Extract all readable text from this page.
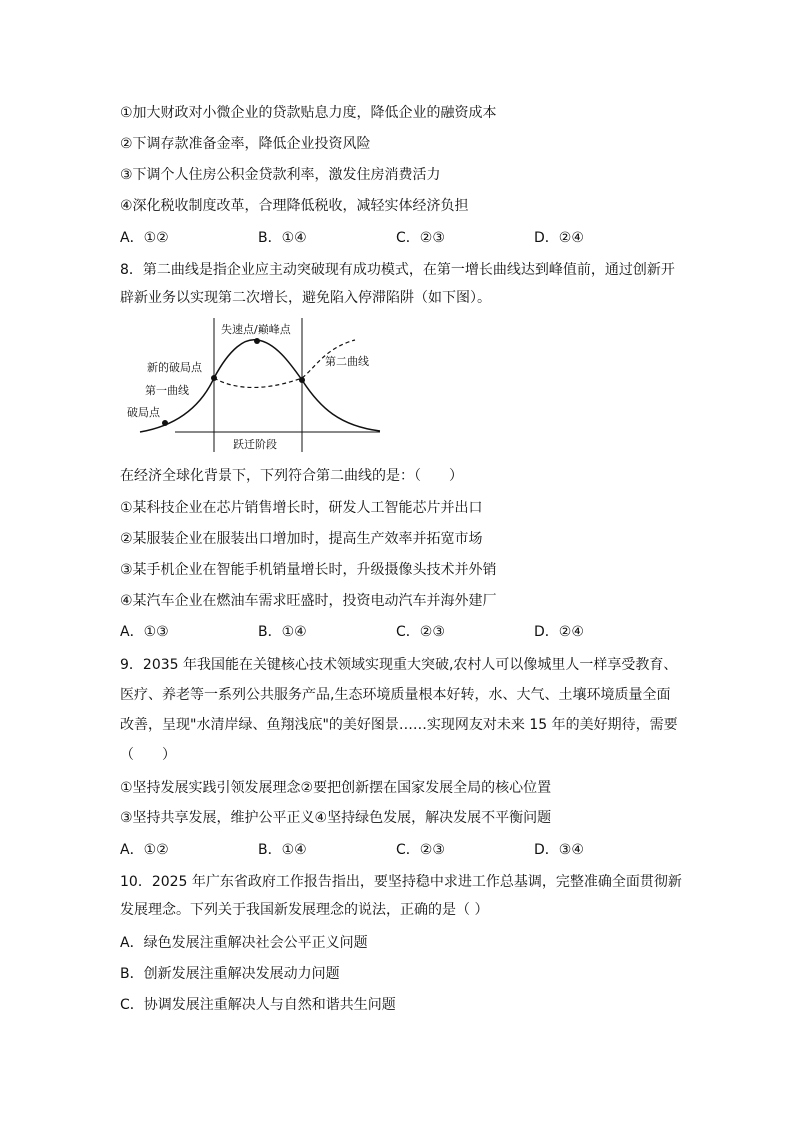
①加大财政对小微企业的贷款贴息力度，降低企业的融资成本
②下调存款准备金率，降低企业投资风险
③下调个人住房公积金贷款利率，激发住房消费活力
④深化税收制度改革，合理降低税收，减轻实体经济负担
A．①②	B．①④	C．②③	D．②④
8．第二曲线是指企业应主动突破现有成功模式，在第一增长曲线达到峰值前，通过创新开
辟新业务以实现第二次增长，避免陷入停滞陷阱（如下图）。
失速点/巅峰点
新的破局点
第一曲线
第二曲线
破局点
跃迁阶段
在经济全球化背景下，下列符合第二曲线的是：（　　）
①某科技企业在芯片销售增长时，研发人工智能芯片并出口
②某服装企业在服装出口增加时，提高生产效率并拓宽市场
③某手机企业在智能手机销量增长时，升级摄像头技术并外销
④某汽车企业在燃油车需求旺盛时，投资电动汽车并海外建厂
A．①③	B．①④	C．②③	D．②④
9．2035 年我国能在关键核心技术领域实现重大突破,农村人可以像城里人一样享受教育、
医疗、养老等一系列公共服务产品,生态环境质量根本好转，水、大气、土壤环境质量全面
改善，呈现"水清岸绿、鱼翔浅底"的美好图景……实现网友对未来 15 年的美好期待，需要
（　　）
①坚持发展实践引领发展理念②要把创新摆在国家发展全局的核心位置
③坚持共享发展，维护公平正义④坚持绿色发展，解决发展不平衡问题
A．①②	B．①④	C．②③	D．③④
10．2025 年广东省政府工作报告指出，要坚持稳中求进工作总基调，完整准确全面贯彻新
发展理念。下列关于我国新发展理念的说法，正确的是（ ）
A．绿色发展注重解决社会公平正义问题
B．创新发展注重解决发展动力问题
C．协调发展注重解决人与自然和谐共生问题
